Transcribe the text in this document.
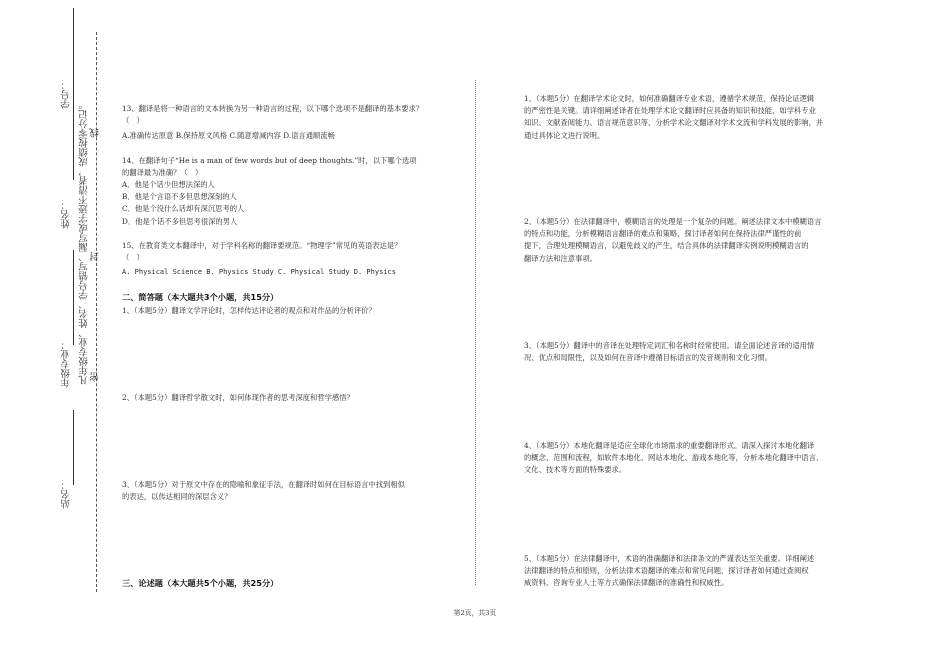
学号：
姓名：
年级专业：
站名：
凡年级专业、姓名、学号错写、漏写或字迹不清者，成绩按零分记。 线
封
密

13、翻译是将一种语言的文本转换为另一种语言的过程，以下哪个选项不是翻译的基本要求？

（　）

A.准确传达原意 B.保持原文风格 C.随意增减内容 D.语言通顺流畅

14、在翻译句子“He is a man of few words but of deep thoughts.”时，以下哪个选项

的翻译最为准确？（　）

A．他是个话少但想法深的人

B．他是个言语不多但思想深刻的人

C．他是个没什么话却有深沉思考的人

D．他是个话不多但思考很深的男人

15、在教育类文本翻译中，对于学科名称的翻译要规范。“物理学”常见的英语表达是？

（　）

A. Physical Science B. Physics Study C. Physical Study D. Physics

二、简答题（本大题共3个小题，共15分）

1、（本题5分）翻译文学评论时，怎样传达评论者的观点和对作品的分析评价？

2、（本题5分）翻译哲学散文时，如何体现作者的思考深度和哲学感悟？

3、（本题5分）对于原文中存在的隐喻和象征手法，在翻译时如何在目标语言中找到相似

的表达，以传达相同的深层含义？

三、论述题（本大题共5个小题，共25分）

1、（本题5分）在翻译学术论文时，如何准确翻译专业术语，遵循学术规范，保持论证逻辑

的严密性是关键。请详细阐述译者在处理学术论文翻译时应具备的知识和技能，如学科专业

知识、文献查阅能力、语言规范意识等，分析学术论文翻译对学术交流和学科发展的影响，并

通过具体论文进行说明。

2、（本题5分）在法律翻译中，模糊语言的处理是一个复杂的问题。阐述法律文本中模糊语言

的特点和功能，分析模糊语言翻译的难点和策略，探讨译者如何在保持法律严谨性的前

提下，合理处理模糊语言，以避免歧义的产生，结合具体的法律翻译实例说明模糊语言的

翻译方法和注意事项。

3、（本题5分）翻译中的音译在处理特定词汇和名称时经常使用。请全面论述音译的适用情

况、优点和局限性，以及如何在音译中遵循目标语言的发音规则和文化习惯。

4、（本题5分）本地化翻译是适应全球化市场需求的重要翻译形式。请深入探讨本地化翻译

的概念、范围和流程，如软件本地化、网站本地化、游戏本地化等，分析本地化翻译中语言、

文化、技术等方面的特殊要求。

5、（本题5分）在法律翻译中，术语的准确翻译和法律条文的严谨表达至关重要。详细阐述

法律翻译的特点和原则，分析法律术语翻译的难点和常见问题，探讨译者如何通过查阅权

威资料、咨询专业人士等方式确保法律翻译的准确性和权威性。

第2页，共3页
